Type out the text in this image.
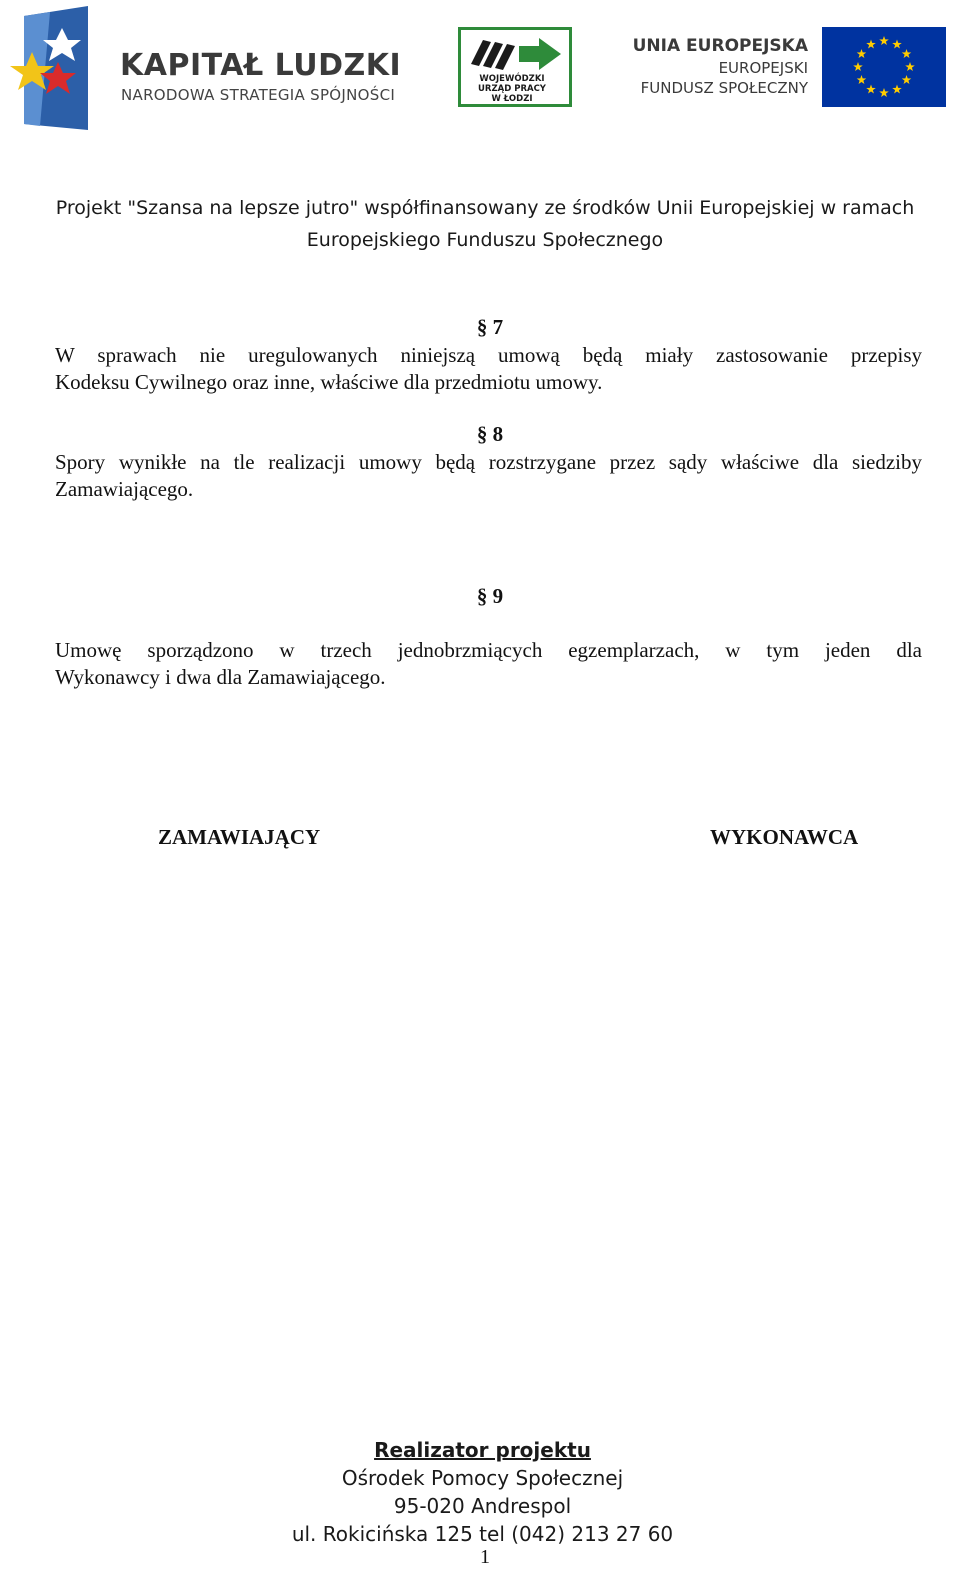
KAPITAŁ LUDZKI
NARODOWA STRATEGIA SPÓJNOŚCI
WOJEWÓDZKI
URZĄD PRACY
W ŁODZI
UNIA EUROPEJSKA
EUROPEJSKI
FUNDUSZ SPOŁECZNY
Projekt "Szansa na lepsze jutro" współfinansowany ze środków Unii Europejskiej w ramach
Europejskiego Funduszu Społecznego
§ 7

W sprawach nie uregulowanych niniejszą umową będą miały zastosowanie przepisy

Kodeksu Cywilnego oraz inne, właściwe dla przedmiotu umowy.

§ 8

Spory wynikłe na tle realizacji umowy będą rozstrzygane przez sądy właściwe dla siedziby

Zamawiającego.

§ 9

Umowę sporządzono w trzech jednobrzmiących egzemplarzach, w tym jeden dla

Wykonawcy i dwa dla Zamawiającego.

ZAMAWIAJĄCY	WYKONAWCA
Realizator projektu
Ośrodek Pomocy Społecznej
95-020 Andrespol
ul. Rokicińska 125 tel (042) 213 27 60
1
